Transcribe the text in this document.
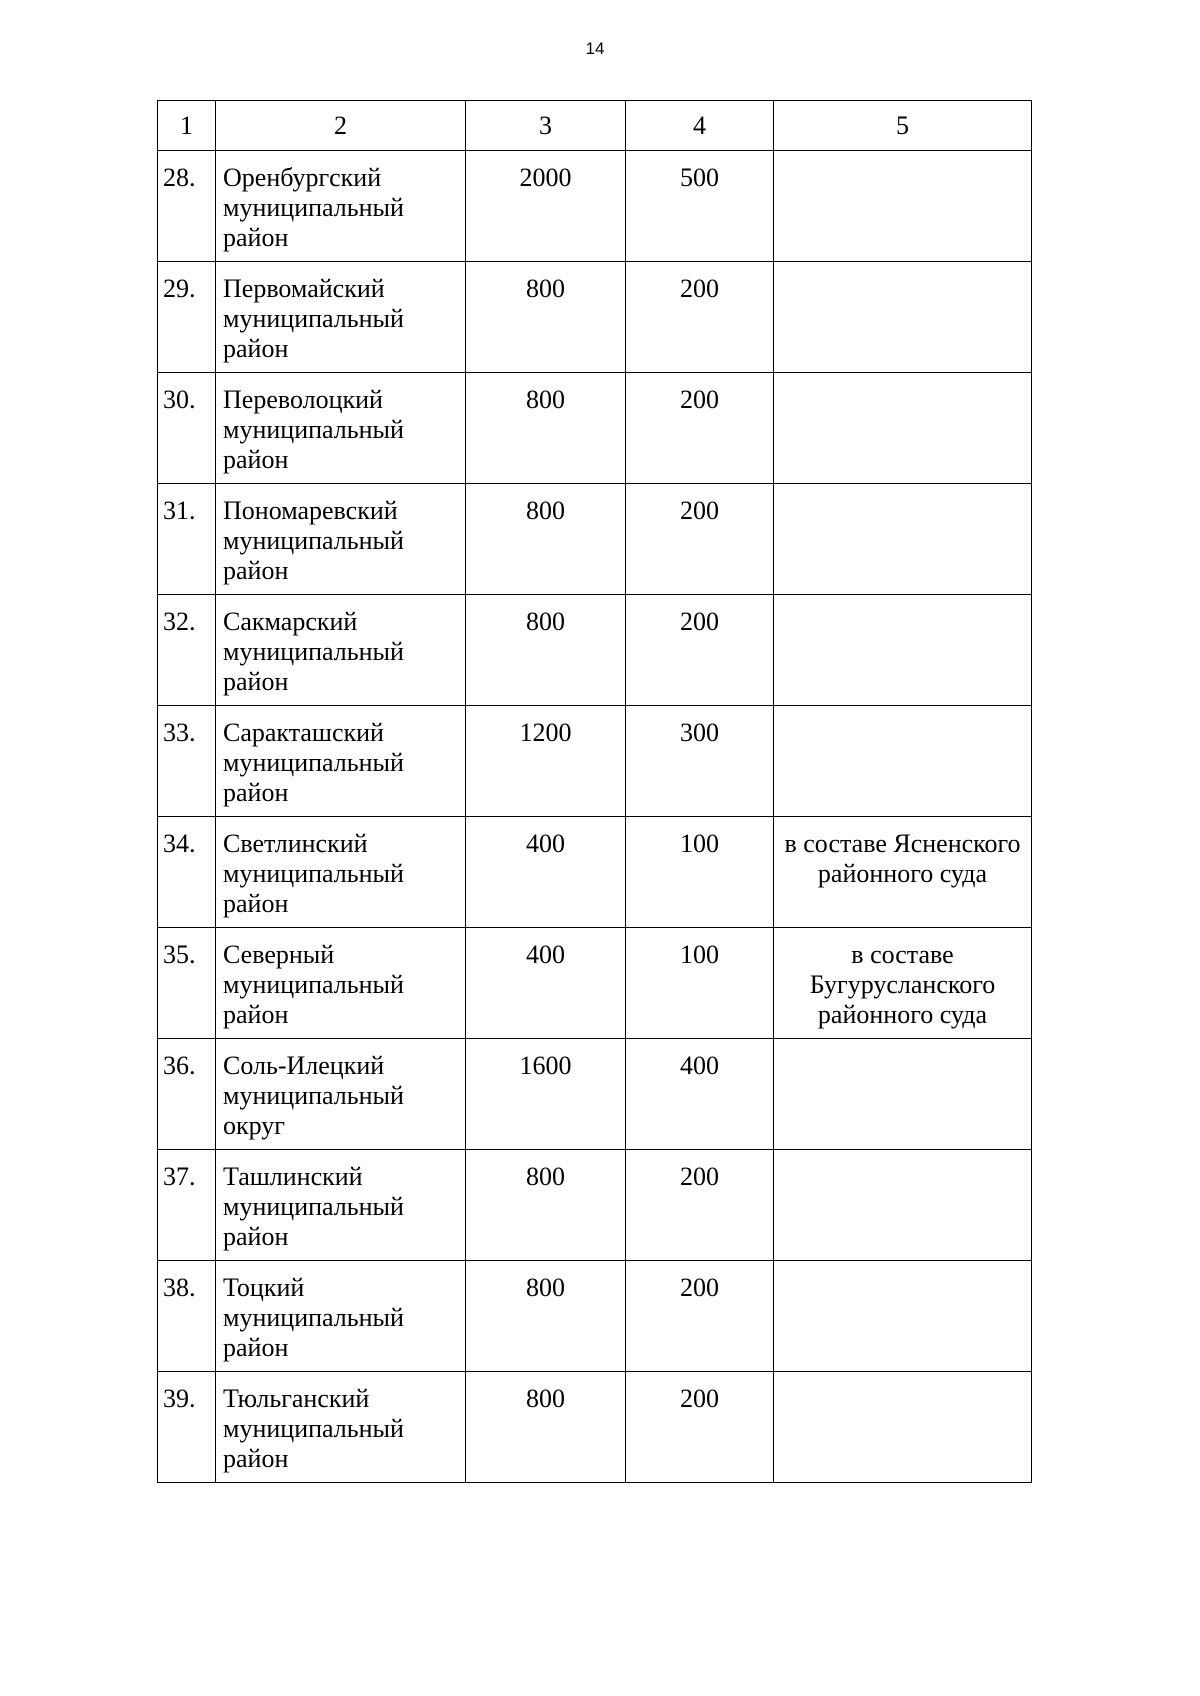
14
1	2	3	4	5
28.	Оренбургский
муниципальный
район	2000	500	
29.	Первомайский
муниципальный
район	800	200	
30.	Переволоцкий
муниципальный
район	800	200	
31.	Пономаревский
муниципальный
район	800	200	
32.	Сакмарский
муниципальный
район	800	200	
33.	Саракташский
муниципальный
район	1200	300	
34.	Светлинский
муниципальный
район	400	100	в составе Ясненского
районного суда

35.	Северный
муниципальный
район	400	100	в составе
Бугурусланского
районного суда

36.	Соль-Илецкий
муниципальный
округ	1600	400	
37.	Ташлинский
муниципальный
район	800	200	
38.	Тоцкий
муниципальный
район	800	200	
39.	Тюльганский
муниципальный
район	800	200	
